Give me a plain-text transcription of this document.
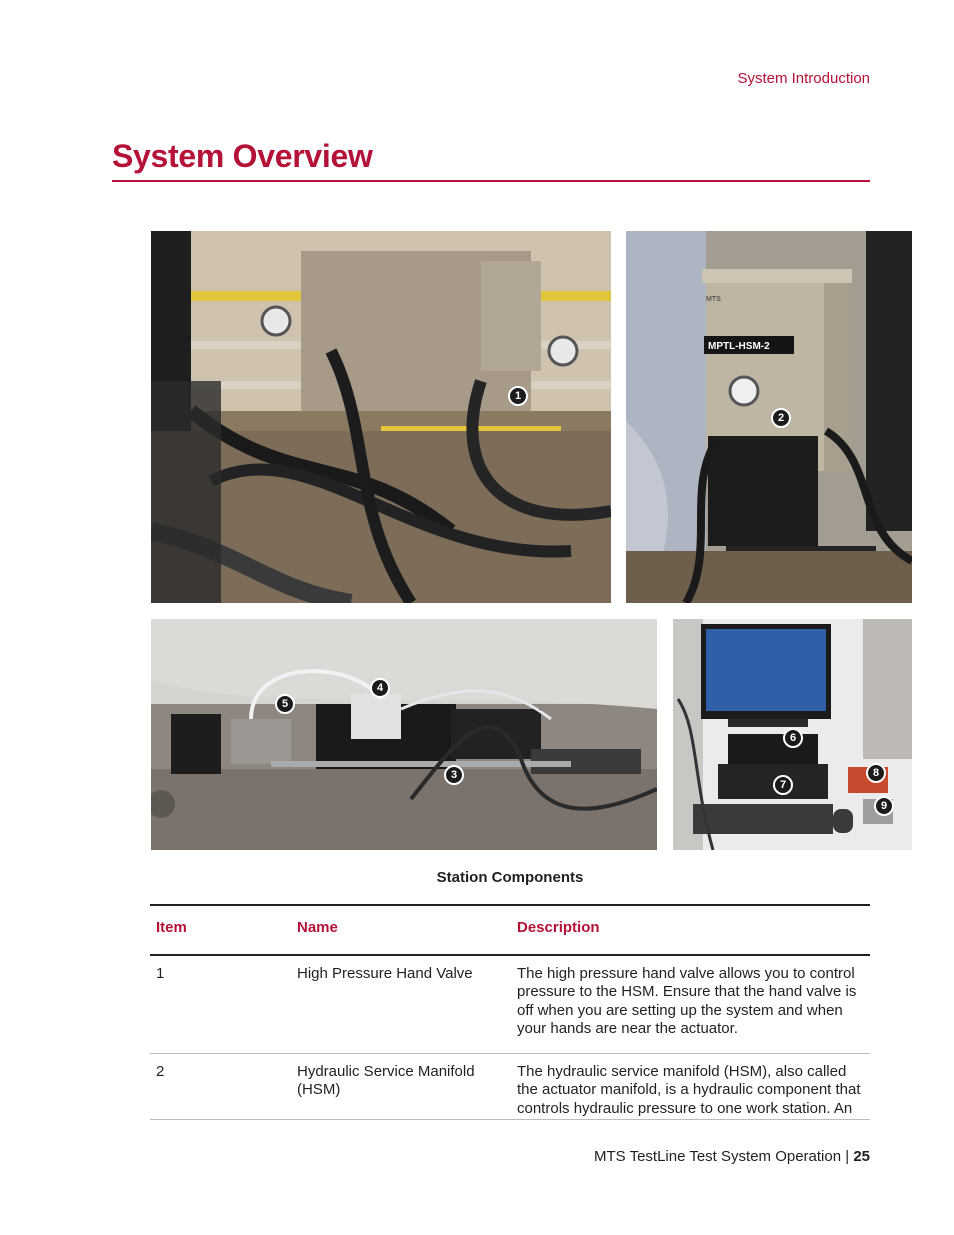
System Introduction
System Overview
1
MPTL-HSM-2
MTS
2
3
4
5
6
7
8
9
Station Components
Item	Name	Description
1	High Pressure Hand Valve	The high pressure hand valve allows you to control pressure to the HSM. Ensure that the hand valve is off when you are setting up the system and when your hands are near the actuator.
2	Hydraulic Service Manifold (HSM)	The hydraulic service manifold (HSM), also called the actuator manifold, is a hydraulic component that controls hydraulic pressure to one work station. An
MTS TestLine Test System Operation | 25
